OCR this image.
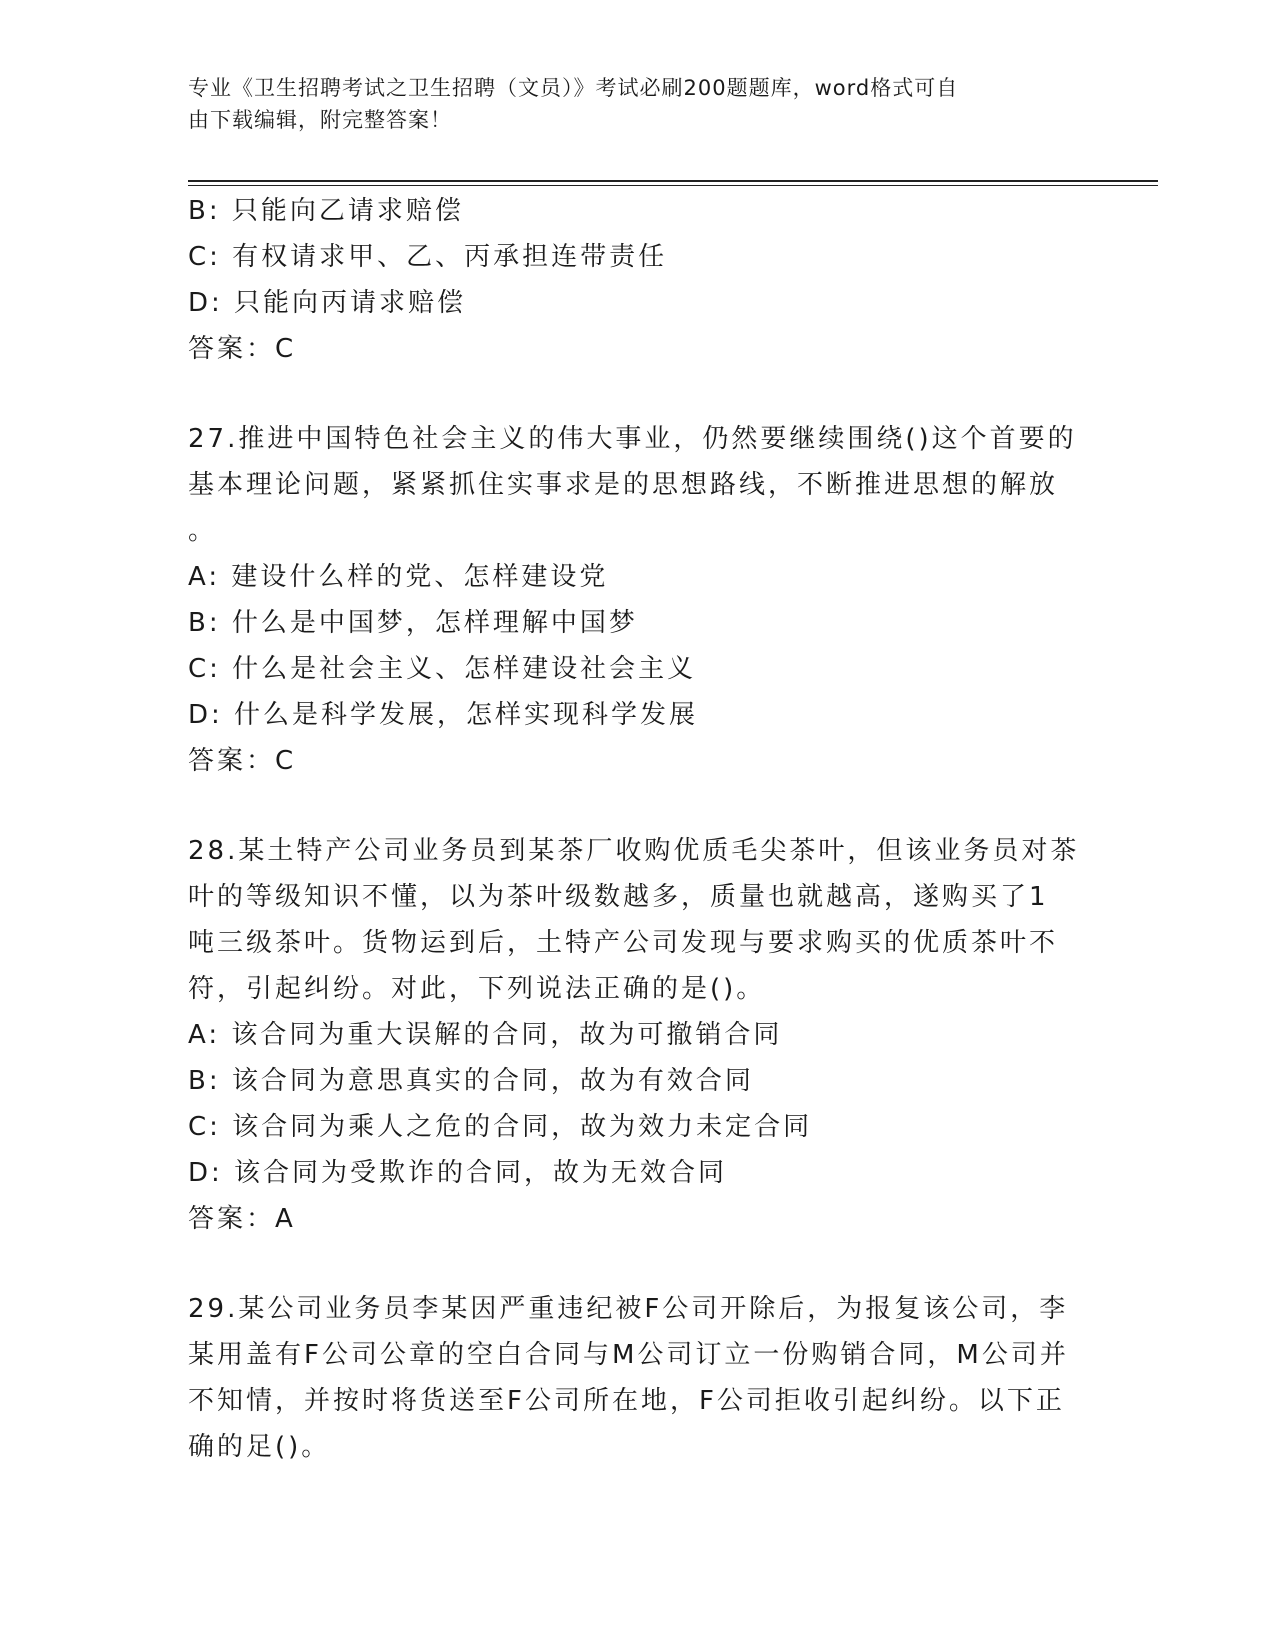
专业《卫生招聘考试之卫生招聘（文员）》考试必刷200题题库，word格式可自
由下载编辑，附完整答案！
B: 只能向乙请求赔偿
C: 有权请求甲、乙、丙承担连带责任
D: 只能向丙请求赔偿
答案：C
27.推进中国特色社会主义的伟大事业，仍然要继续围绕()这个首要的
基本理论问题，紧紧抓住实事求是的思想路线，不断推进思想的解放
。
A: 建设什么样的党、怎样建设党
B: 什么是中国梦，怎样理解中国梦
C: 什么是社会主义、怎样建设社会主义
D: 什么是科学发展，怎样实现科学发展
答案：C
28.某土特产公司业务员到某茶厂收购优质毛尖茶叶，但该业务员对茶
叶的等级知识不懂，以为茶叶级数越多，质量也就越高，遂购买了1
吨三级茶叶。货物运到后，土特产公司发现与要求购买的优质茶叶不
符，引起纠纷。对此，下列说法正确的是()。
A: 该合同为重大误解的合同，故为可撤销合同
B: 该合同为意思真实的合同，故为有效合同
C: 该合同为乘人之危的合同，故为效力未定合同
D: 该合同为受欺诈的合同，故为无效合同
答案：A
29.某公司业务员李某因严重违纪被F公司开除后，为报复该公司，李
某用盖有F公司公章的空白合同与M公司订立一份购销合同，M公司并
不知情，并按时将货送至F公司所在地，F公司拒收引起纠纷。以下正
确的足()。
